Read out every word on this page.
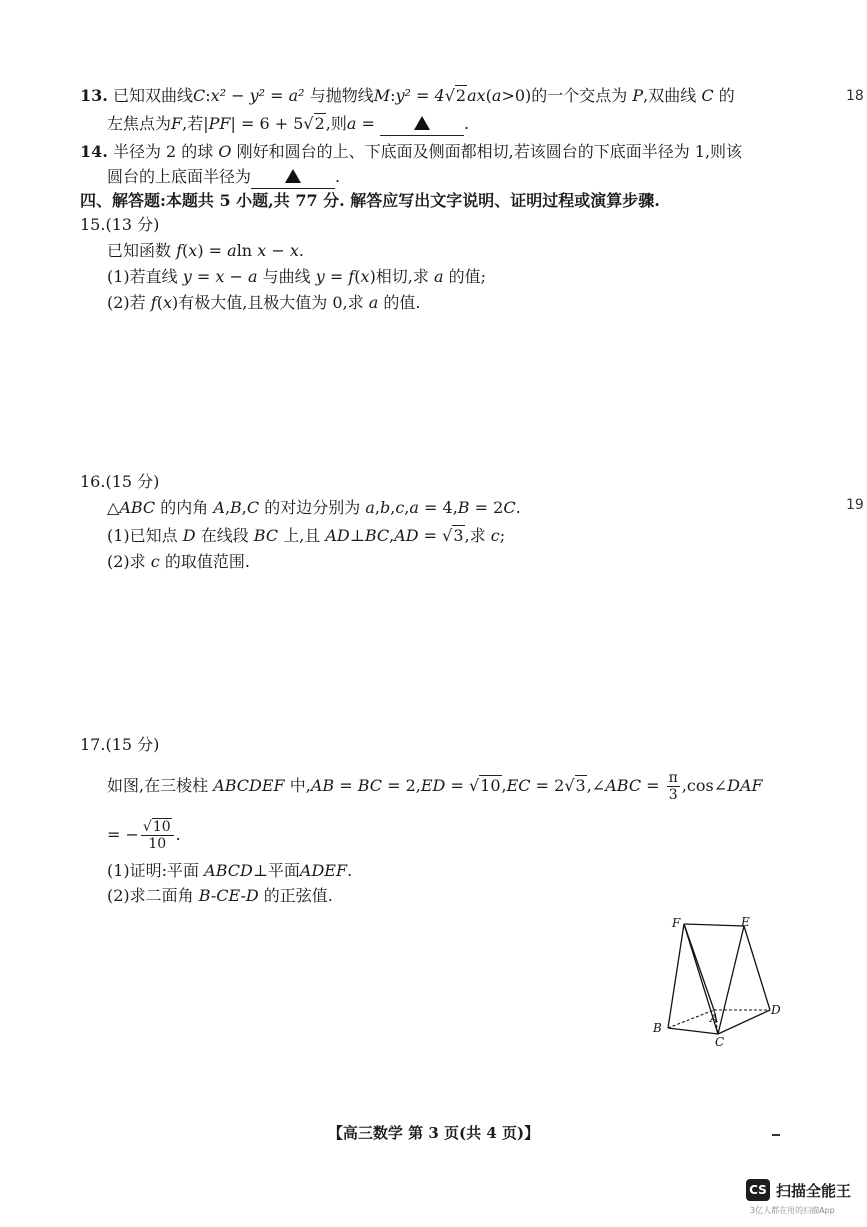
13. 已知双曲线C:x² − y² = a² 与抛物线M:y² = 4√2ax(a>0)的一个交点为 P,双曲线 C 的
左焦点为F,若|PF| = 6 + 5√2,则a =	.
14. 半径为 2 的球 O 刚好和圆台的上、下底面及侧面都相切,若该圆台的下底面半径为 1,则该
圆台的上底面半径为	.
四、解答题:本题共 5 小题,共 77 分. 解答应写出文字说明、证明过程或演算步骤.
15.(13 分)
已知函数 f(x) = aln x − x.
(1)若直线 y = x − a 与曲线 y = f(x)相切,求 a 的值;
(2)若 f(x)有极大值,且极大值为 0,求 a 的值.
16.(15 分)
△ABC 的内角 A,B,C 的对边分别为 a,b,c,a = 4,B = 2C.
(1)已知点 D 在线段 BC 上,且 AD⊥BC,AD = √3,求 c;
(2)求 c 的取值范围.
17.(15 分)
如图,在三棱柱 ABCDEF 中,AB = BC = 2,ED = √10,EC = 2√3,∠ABC = $\frac{\pi}{3}$ ,cos∠DAF
= − $\frac{√10}{10}$ .
(1)证明:平面 ABCD⊥平面ADEF.
(2)求二面角 B-CE-D 的正弦值.
F	E
A
B
C
D
【高三数学 第 3 页(共 4 页)】
18
19
CS 扫描全能王
3亿人都在用的扫描App
